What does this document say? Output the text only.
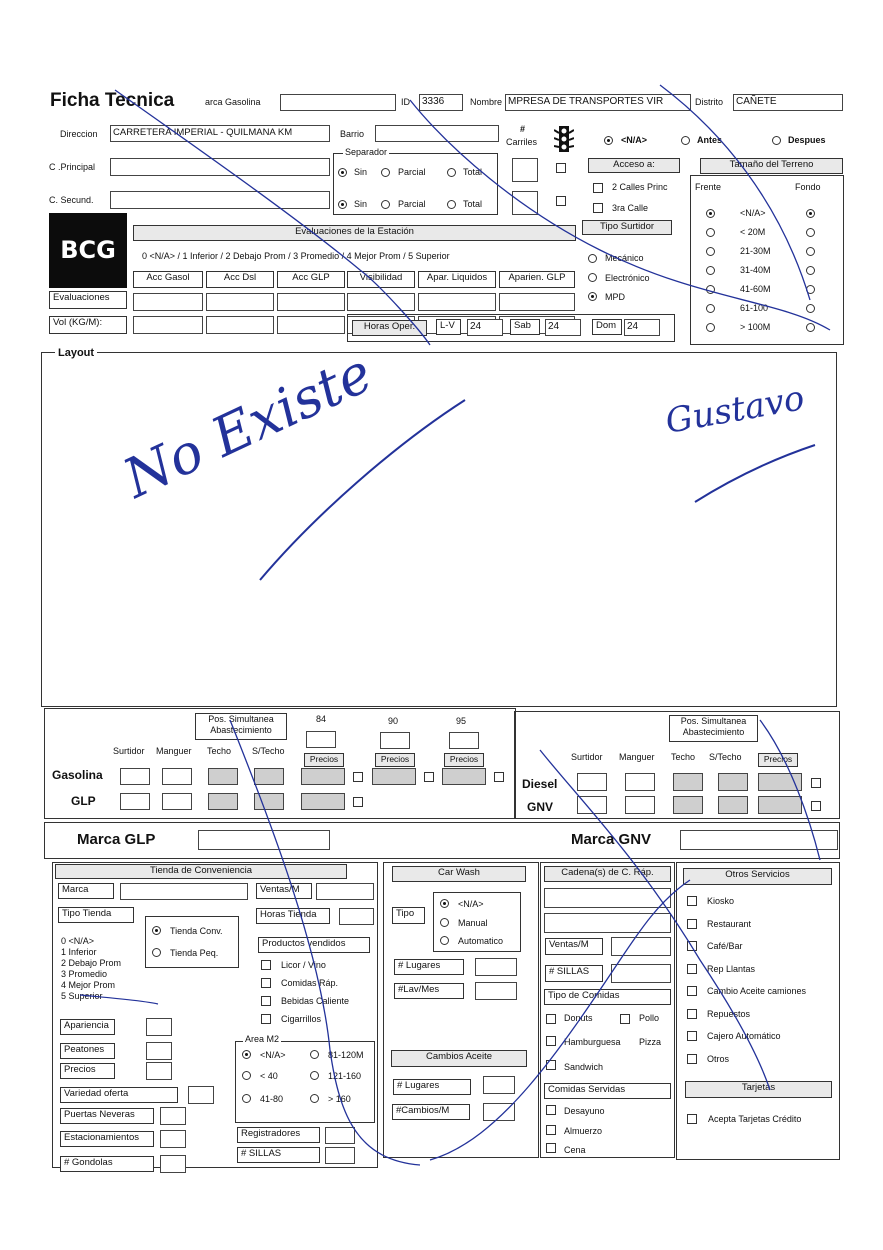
Ficha Tecnica	arca Gasolina	ID	3336	Nombre MPRESA DE TRANSPORTES VIR	Distrito	CAÑETE
Direccion	CARRETERA IMPERIAL - QUILMANA KM	Barrio	#
Carriles	<N/A>	Antes	Despues
C .Principal
C. Secund.
Separador
Sin	Parcial	Total
Sin	Parcial	Total
Acceso a:
2 Calles Princ
3ra Calle
Tipo Surtidor
Mecánico
Electrónico
MPD
Tamaño del Terreno
Frente	Fondo
<N/A>
< 20M
21-30M
31-40M
41-60M
61-100
> 100M
BCG
Evaluaciones de la Estación
0 <N/A> / 1 Inferior / 2 Debajo Prom / 3 Promedio / 4 Mejor Prom / 5 Superior
Acc Gasol	Acc Dsl	Acc GLP	Visibilidad	Apar. Liquidos	Aparien. GLP
Evaluaciones
Vol (KG/M):	Horas Oper.	L-V	24	Sab	24	Dom	24
Layout No Existe	Gustavo
Pos. Simultanea Abastecimiento
84	90	95
Surtidor Manguer Techo S/Techo
Precios	Precios	Precios
Gasolina
GLP
Pos. Simultanea Abastecimiento
Surtidor Manguer Techo S/Techo	Precios
Diesel
GNV
Marca GLP	Marca GNV
Tienda de Conveniencia
Marca
Tipo Tienda
Tienda Conv.
Tienda Peq.
0 <N/A>
1 Inferior
2 Debajo Prom
3 Promedio
4 Mejor Prom
5 Superior
Apariencia
Peatones
Precios
Variedad oferta
Puertas Neveras
Estacionamientos
# Gondolas
Ventas/M
Horas Tienda
Productos vendidos
Licor / Vino
Comidas Ráp.
Bebidas Caliente
Cigarrillos
Area M2
<N/A>	81-120M
< 40	121-160
41-80	> 160
Registradores
# SILLAS
Car Wash
Tipo
<N/A>
Manual
Automatico
# Lugares
#Lav/Mes
Cambios Aceite
# Lugares
#Cambios/M
Cadena(s) de C. Ráp.
Ventas/M
# SILLAS
Tipo de Comidas
Donuts	Pollo
Hamburguesa Pizza
Sandwich
Comidas Servidas
Desayuno
Almuerzo
Cena
Otros Servicios
Kiosko
Restaurant
Café/Bar
Rep Llantas
Cambio Aceite camiones
Repuestos
Cajero Automático
Otros
Tarjetas
Acepta Tarjetas Crédito
